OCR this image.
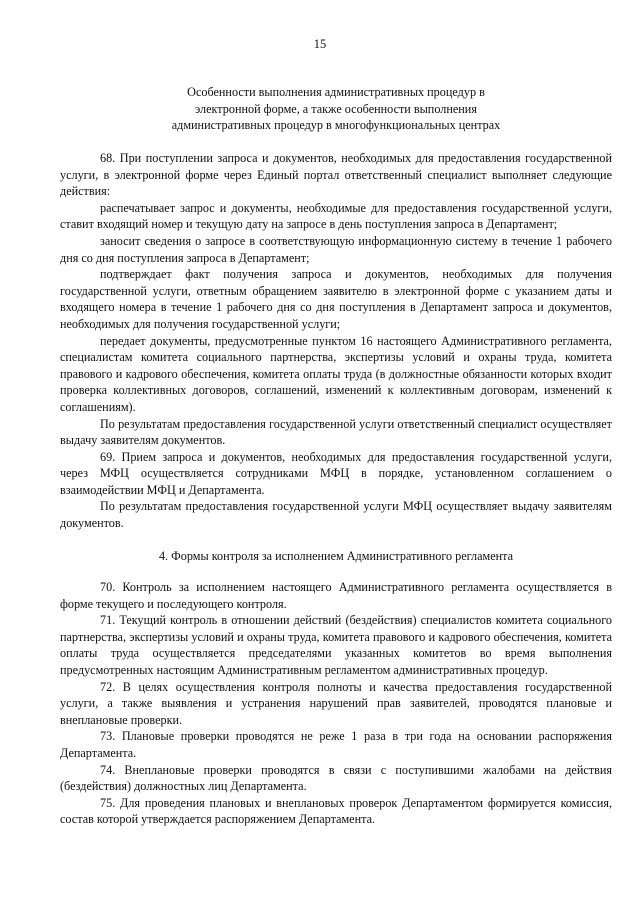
15
Особенности выполнения административных процедур в
электронной форме, а также особенности выполнения
административных процедур в многофункциональных центрах

68. При поступлении запроса и документов, необходимых для предоставления государственной услуги, в электронной форме через Единый портал ответственный специалист выполняет следующие действия:

распечатывает запрос и документы, необходимые для предоставления государственной услуги, ставит входящий номер и текущую дату на запросе в день поступления запроса в Департамент;

заносит сведения о запросе в соответствующую информационную систему в течение 1 рабочего дня со дня поступления запроса в Департамент;

подтверждает факт получения запроса и документов, необходимых для получения государственной услуги, ответным обращением заявителю в электронной форме с указанием даты и входящего номера в течение 1 рабочего дня со дня поступления в Департамент запроса и документов, необходимых для получения государственной услуги;

передает документы, предусмотренные пунктом 16 настоящего Административного регламента, специалистам комитета социального партнерства, экспертизы условий и охраны труда, комитета правового и кадрового обеспечения, комитета оплаты труда (в должностные обязанности которых входит проверка коллективных договоров, соглашений, изменений к коллективным договорам, изменений к соглашениям).

По результатам предоставления государственной услуги ответственный специалист осуществляет выдачу заявителям документов.

69. Прием запроса и документов, необходимых для предоставления государственной услуги, через МФЦ осуществляется сотрудниками МФЦ в порядке, установленном соглашением о взаимодействии МФЦ и Департамента.

По результатам предоставления государственной услуги МФЦ осуществляет выдачу заявителям документов.

4. Формы контроля за исполнением Административного регламента

70. Контроль за исполнением настоящего Административного регламента осуществляется в форме текущего и последующего контроля.

71. Текущий контроль в отношении действий (бездействия) специалистов комитета социального партнерства, экспертизы условий и охраны труда, комитета правового и кадрового обеспечения, комитета оплаты труда осуществляется председателями указанных комитетов во время выполнения предусмотренных настоящим Административным регламентом административных процедур.

72. В целях осуществления контроля полноты и качества предоставления государственной услуги, а также выявления и устранения нарушений прав заявителей, проводятся плановые и внеплановые проверки.

73. Плановые проверки проводятся не реже 1 раза в три года на основании распоряжения Департамента.

74. Внеплановые проверки проводятся в связи с поступившими жалобами на действия (бездействия) должностных лиц Департамента.

75. Для проведения плановых и внеплановых проверок Департаментом формируется комиссия, состав которой утверждается распоряжением Департамента.
